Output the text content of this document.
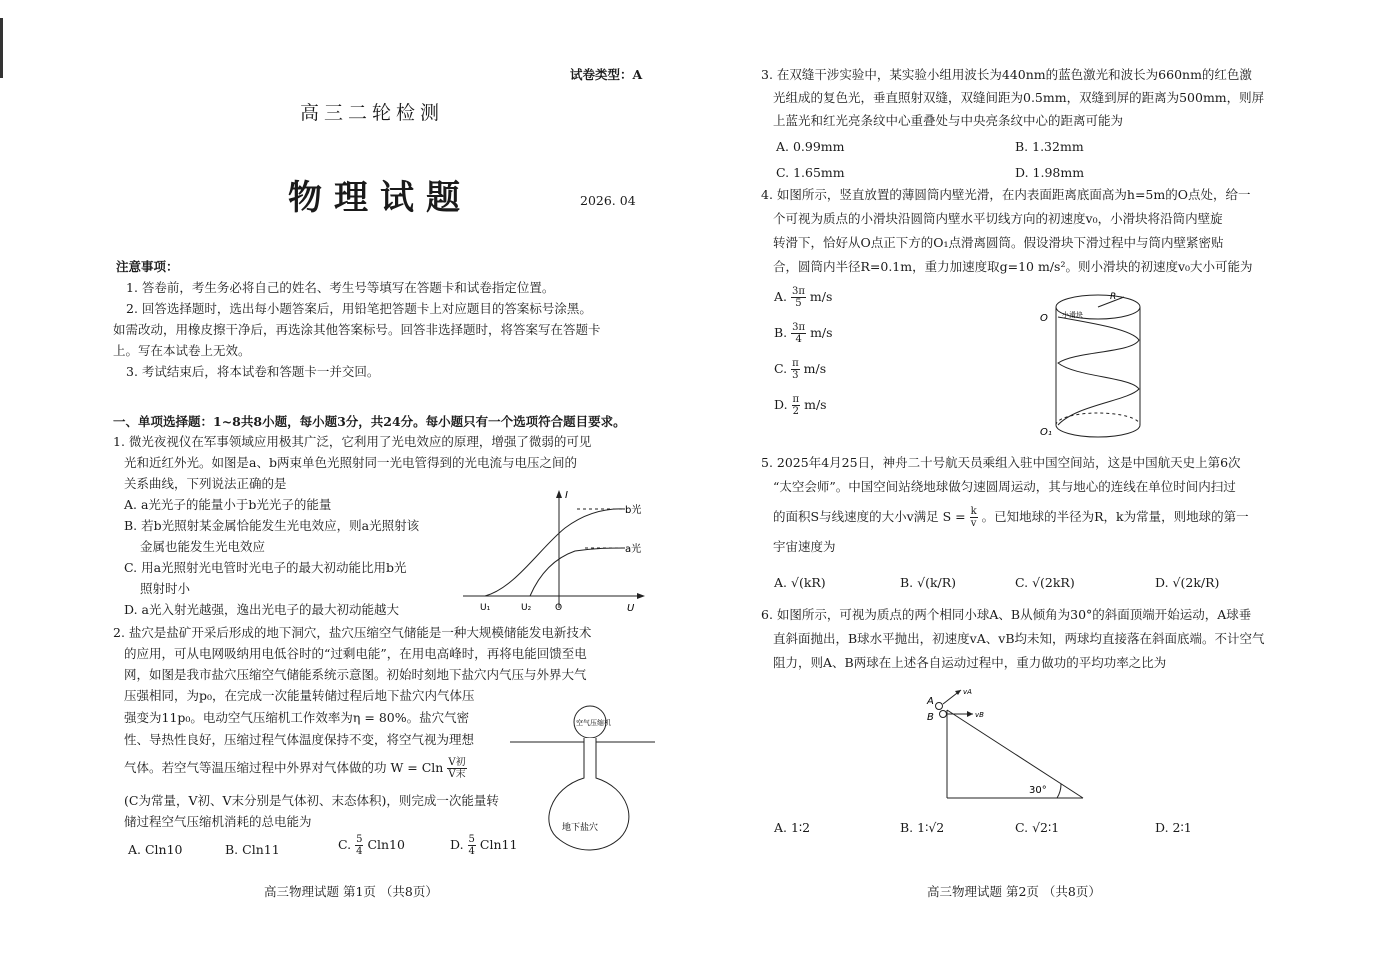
试卷类型：A
高三二轮检测
物理试题	2026. 04
注意事项：
1. 答卷前，考生务必将自己的姓名、考生号等填写在答题卡和试卷指定位置。
2. 回答选择题时，选出每小题答案后，用铅笔把答题卡上对应题目的答案标号涂黑。
如需改动，用橡皮擦干净后，再选涂其他答案标号。回答非选择题时，将答案写在答题卡
上。写在本试卷上无效。
3. 考试结束后，将本试卷和答题卡一并交回。
一、单项选择题：1~8共8小题，每小题3分，共24分。每小题只有一个选项符合题目要求。
1. 微光夜视仪在军事领域应用极其广泛，它利用了光电效应的原理，增强了微弱的可见
光和近红外光。如图是a、b两束单色光照射同一光电管得到的光电流与电压之间的
关系曲线，下列说法正确的是
A. a光光子的能量小于b光光子的能量
B. 若b光照射某金属恰能发生光电效应，则a光照射该
金属也能发生光电效应
C. 用a光照射光电管时光电子的最大初动能比用b光
照射时小
D. a光入射光越强，逸出光电子的最大初动能越大
I
U
b光
a光
U₁	U₂	O
2. 盐穴是盐矿开采后形成的地下洞穴，盐穴压缩空气储能是一种大规模储能发电新技术
的应用，可从电网吸纳用电低谷时的“过剩电能”，在用电高峰时，再将电能回馈至电
网，如图是我市盐穴压缩空气储能系统示意图。初始时刻地下盐穴内气压与外界大气
压强相同，为p₀，在完成一次能量转储过程后地下盐穴内气体压
强变为11p₀。电动空气压缩机工作效率为η = 80%。盐穴气密
性、导热性良好，压缩过程气体温度保持不变，将空气视为理想
气体。若空气等温压缩过程中外界对气体做的功 W = Cln $\frac{\text{V初}}{\text{V末}}$
(C为常量，V初、V末分别是气体初、末态体积)，则完成一次能量转
储过程空气压缩机消耗的总电能为
A. Cln10	B. Cln11	C. $\frac{5}{4} Cln10$	D. $\frac{5}{4} Cln11$
空气压缩机
地下盐穴
高三物理试题 第1页 （共8页）
3. 在双缝干涉实验中，某实验小组用波长为440nm的蓝色激光和波长为660nm的红色激
光组成的复色光，垂直照射双缝，双缝间距为0.5mm，双缝到屏的距离为500mm，则屏
上蓝光和红光亮条纹中心重叠处与中央亮条纹中心的距离可能为
A. 0.99mm	B. 1.32mm
C. 1.65mm	D. 1.98mm
4. 如图所示，竖直放置的薄圆筒内壁光滑，在内表面距离底面高为h=5m的O点处，给一
个可视为质点的小滑块沿圆筒内壁水平切线方向的初速度v₀，小滑块将沿筒内壁旋
转滑下，恰好从O点正下方的O₁点滑离圆筒。假设滑块下滑过程中与筒内壁紧密贴
合，圆筒内半径R=0.1m，重力加速度取g=10 m/s²。则小滑块的初速度v₀大小可能为
A. $\frac{3\pi}{5} m/s$
B. $\frac{3\pi}{4} m/s$
C. $\frac{\pi}{3} m/s$
D. $\frac{\pi}{2} m/s$
O
O₁
R
小滑块
5. 2025年4月25日，神舟二十号航天员乘组入驻中国空间站，这是中国航天史上第6次
“太空会师”。中国空间站绕地球做匀速圆周运动，其与地心的连线在单位时间内扫过
的面积S与线速度的大小v满足 $S = \frac{k}{v}$ 。已知地球的半径为R，k为常量，则地球的第一
宇宙速度为
A. √(kR)	B. √(k/R)	C. √(2kR)	D. √(2k/R)
6. 如图所示，可视为质点的两个相同小球A、B从倾角为30°的斜面顶端开始运动，A球垂
直斜面抛出，B球水平抛出，初速度vA、vB均未知，两球均直接落在斜面底端。不计空气
阻力，则A、B两球在上述各自运动过程中，重力做功的平均功率之比为
A
B
vA
vB
30°
A. 1∶2	B. 1∶√2	C. √2∶1	D. 2∶1
高三物理试题 第2页 （共8页）
